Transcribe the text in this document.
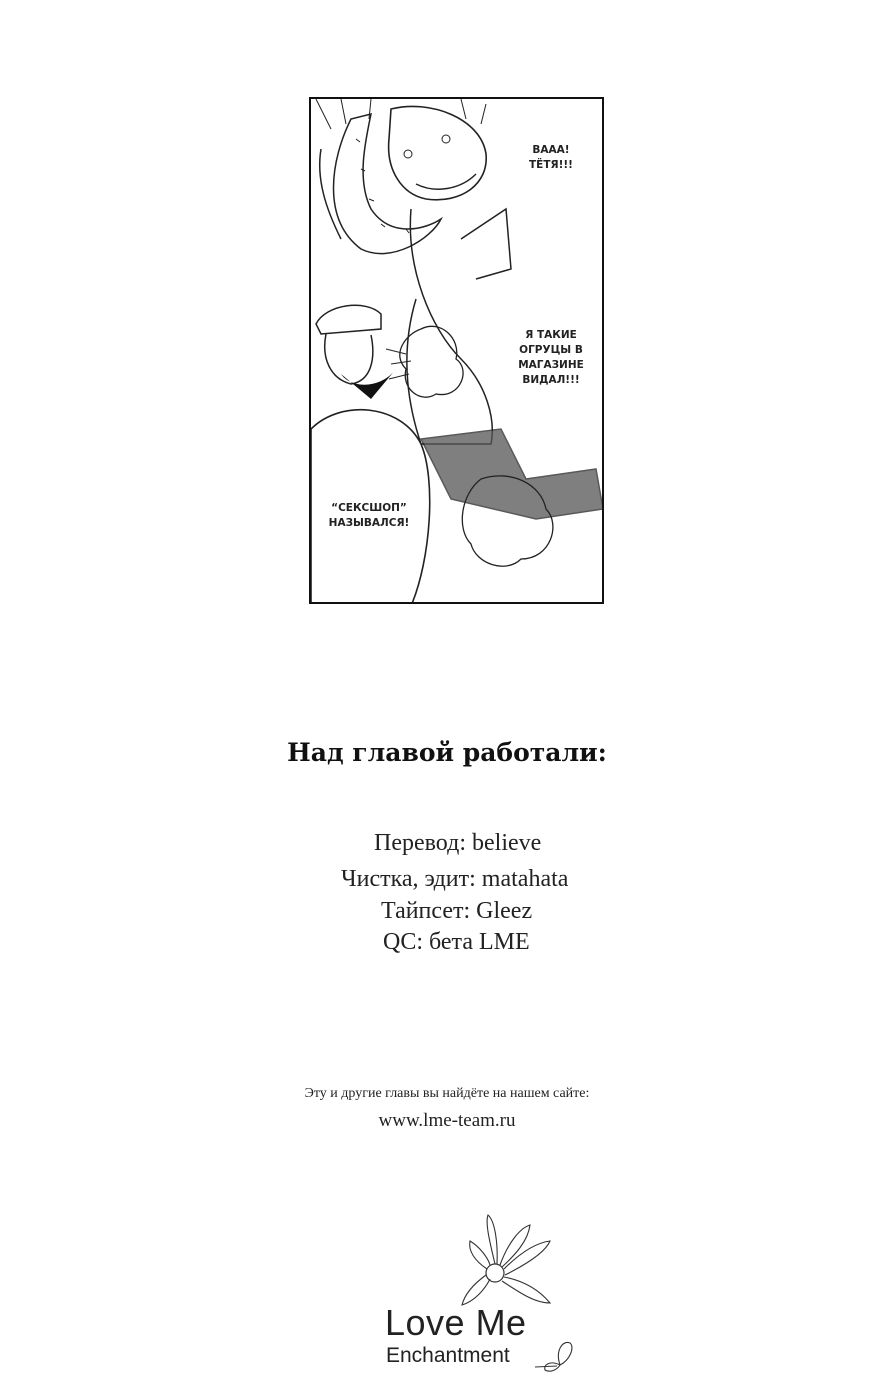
ВААА! ТЁТЯ!!!
Я ТАКИЕ ОГРУЦЫ В МАГАЗИНЕ ВИДАЛ!!!
“СЕКСШОП” НАЗЫВАЛСЯ!
Над главой работали:
Перевод: believe
Чистка, эдит: matahata
Тайпсет: Gleez
QC: бета LME
Эту и другие главы вы найдёте на нашем сайте:
www.lme-team.ru
Love Me
Enchantment
